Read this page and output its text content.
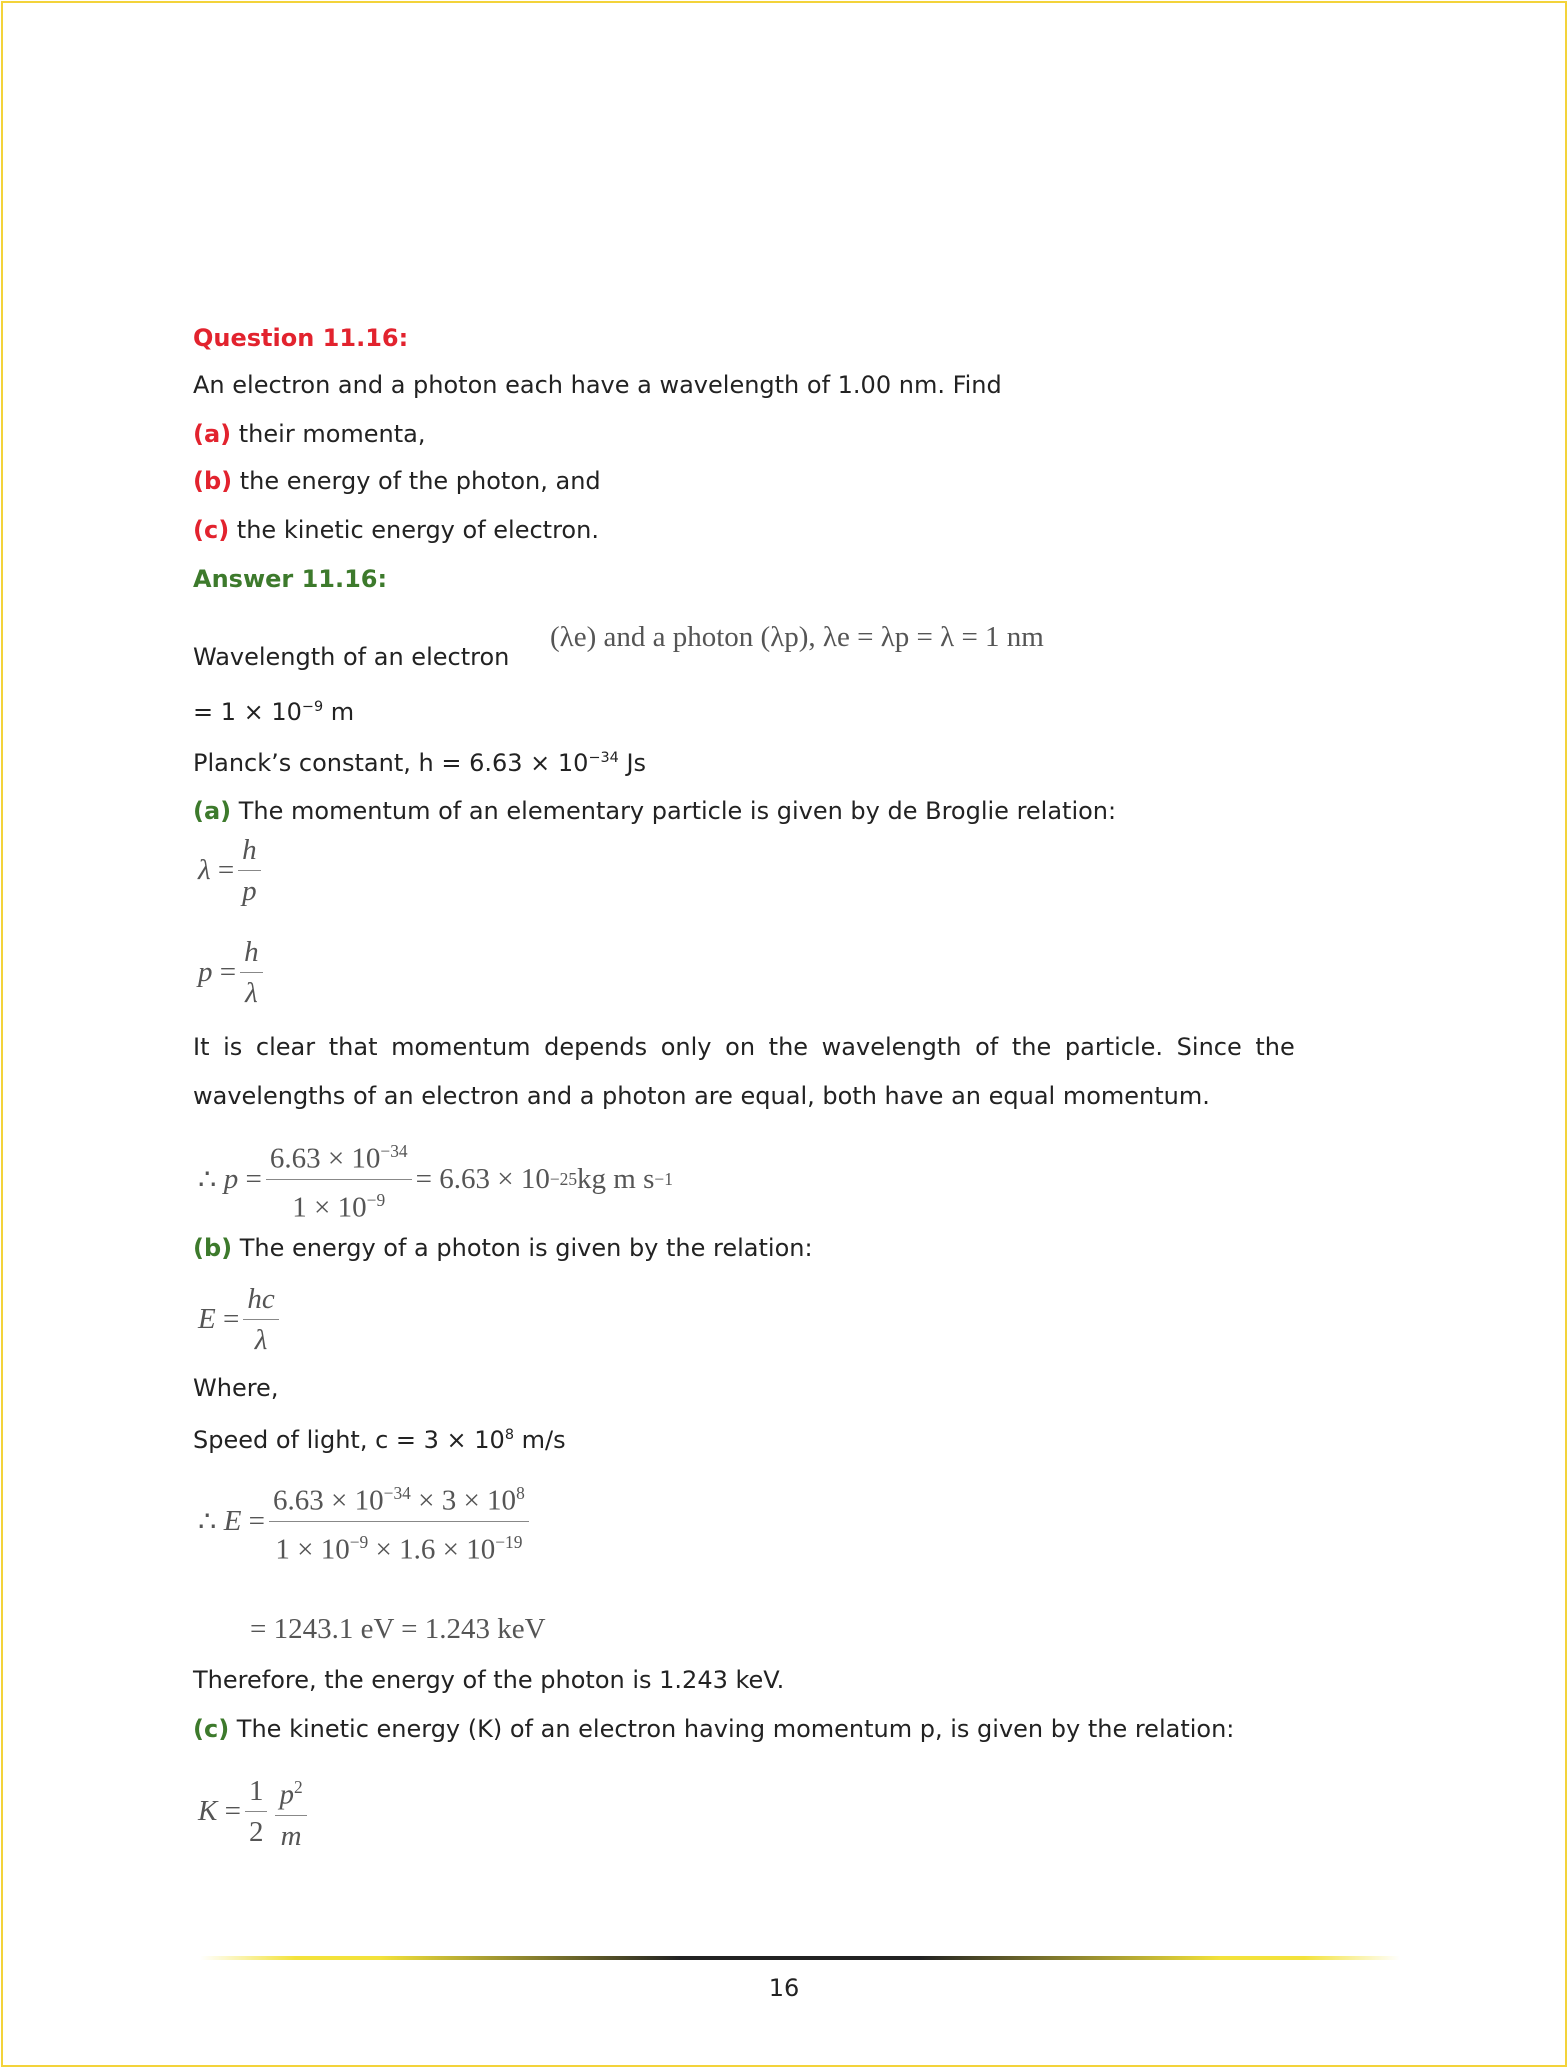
Question 11.16:
An electron and a photon each have a wavelength of 1.00 nm. Find
(a) their momenta,
(b) the energy of the photon, and
(c) the kinetic energy of electron.
Answer 11.16:
Wavelength of an electron
(λe) and a photon (λp), λe = λp = λ = 1 nm
= $1 \times 10^{-9}$ m
Planck’s constant, $h = 6.63 \times 10^{-34}$ Js
(a) The momentum of an elementary particle is given by de Broglie relation:
$\lambda = \frac{h}{p}$
$p = \frac{h}{\lambda}$
It is clear that momentum depends only on the wavelength of the particle. Since the
wavelengths of an electron and a photon are equal, both have an equal momentum.
∴ $p = \frac{6.63 \times 10^{-34}}{1 \times 10^{-9}} = 6.63 \times 10 -25$ kg m s −1
(b) The energy of a photon is given by the relation:
$E = \frac{hc}{\lambda}$
Where,
Speed of light, $c = 3 \times 10^8$ m/s
∴ $E = \frac{6.63 \times 10^{-34} \times 3 \times 10^8}{1 \times 10^{-9} \times 1.6 \times 10^{-19}}$
= 1243.1 eV = 1.243 keV
Therefore, the energy of the photon is 1.243 keV.
(c) The kinetic energy (K) of an electron having momentum p, is given by the relation:
$K = \frac{1}{2} \frac{p^2}{m}$
16
